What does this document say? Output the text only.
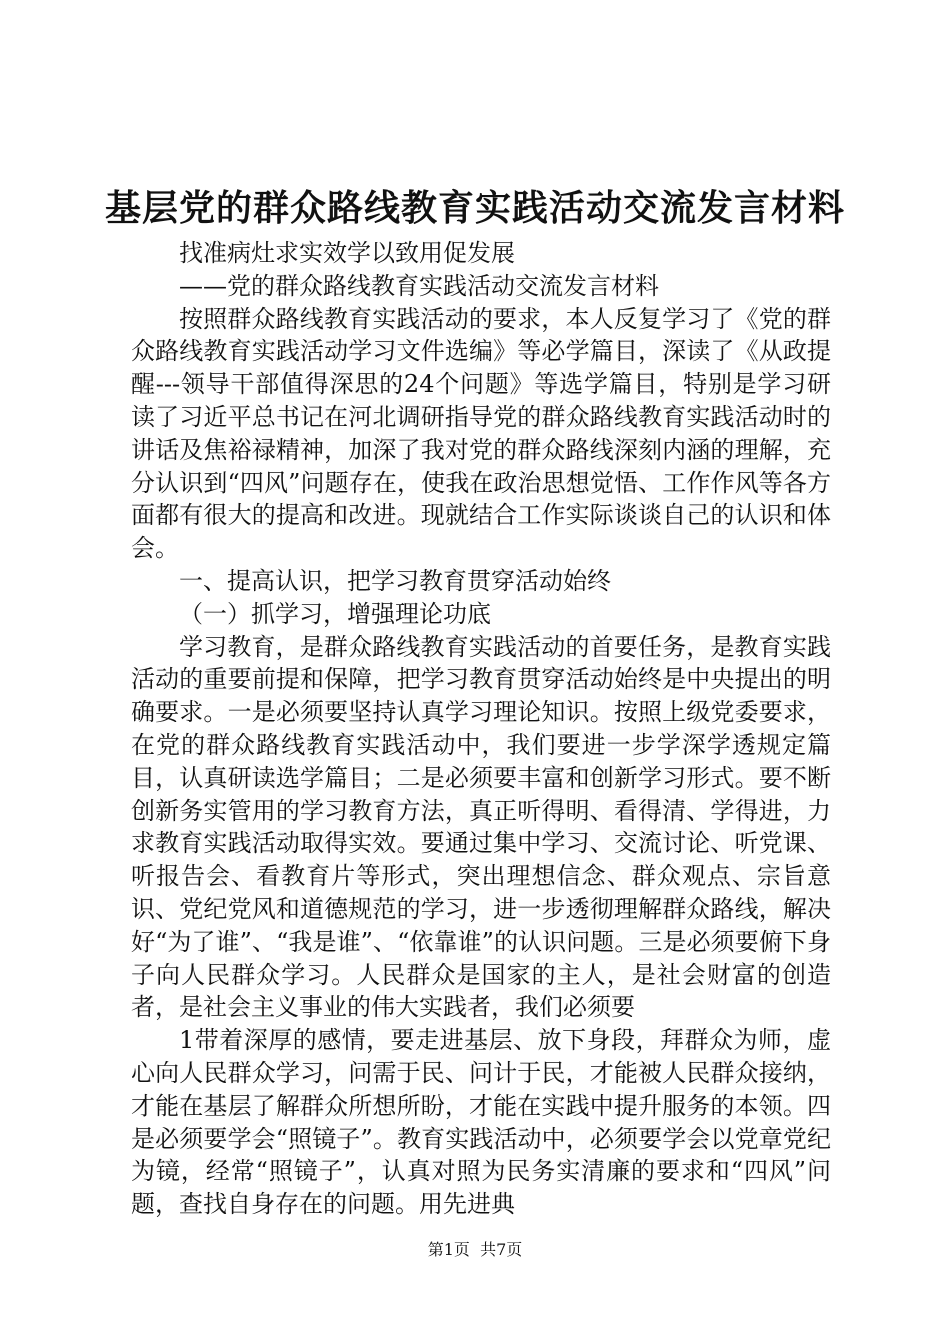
基层党的群众路线教育实践活动交流发言材料

找准病灶求实效学以致用促发展

——党的群众路线教育实践活动交流发言材料

按照群众路线教育实践活动的要求，本人反复学习了《党的群众路线教育实践活动学习文件选编》等必学篇目，深读了《从政提醒---领导干部值得深思的24个问题》等选学篇目，特别是学习研读了习近平总书记在河北调研指导党的群众路线教育实践活动时的讲话及焦裕禄精神，加深了我对党的群众路线深刻内涵的理解，充分认识到“四风”问题存在，使我在政治思想觉悟、工作作风等各方面都有很大的提高和改进。现就结合工作实际谈谈自己的认识和体会。

一、提高认识，把学习教育贯穿活动始终

（一）抓学习，增强理论功底

学习教育，是群众路线教育实践活动的首要任务，是教育实践活动的重要前提和保障，把学习教育贯穿活动始终是中央提出的明确要求。一是必须要坚持认真学习理论知识。按照上级党委要求，在党的群众路线教育实践活动中，我们要进一步学深学透规定篇目，认真研读选学篇目；二是必须要丰富和创新学习形式。要不断创新务实管用的学习教育方法，真正听得明、看得清、学得进，力求教育实践活动取得实效。要通过集中学习、交流讨论、听党课、听报告会、看教育片等形式，突出理想信念、群众观点、宗旨意识、党纪党风和道德规范的学习，进一步透彻理解群众路线，解决好“为了谁”、“我是谁”、“依靠谁”的认识问题。三是必须要俯下身子向人民群众学习。人民群众是国家的主人，是社会财富的创造者，是社会主义事业的伟大实践者，我们必须要

1带着深厚的感情，要走进基层、放下身段，拜群众为师，虚心向人民群众学习，问需于民、问计于民，才能被人民群众接纳，才能在基层了解群众所想所盼，才能在实践中提升服务的本领。四是必须要学会“照镜子”。教育实践活动中，必须要学会以党章党纪为镜，经常“照镜子”，认真对照为民务实清廉的要求和“四风”问题，查找自身存在的问题。用先进典

第1页  共7页
